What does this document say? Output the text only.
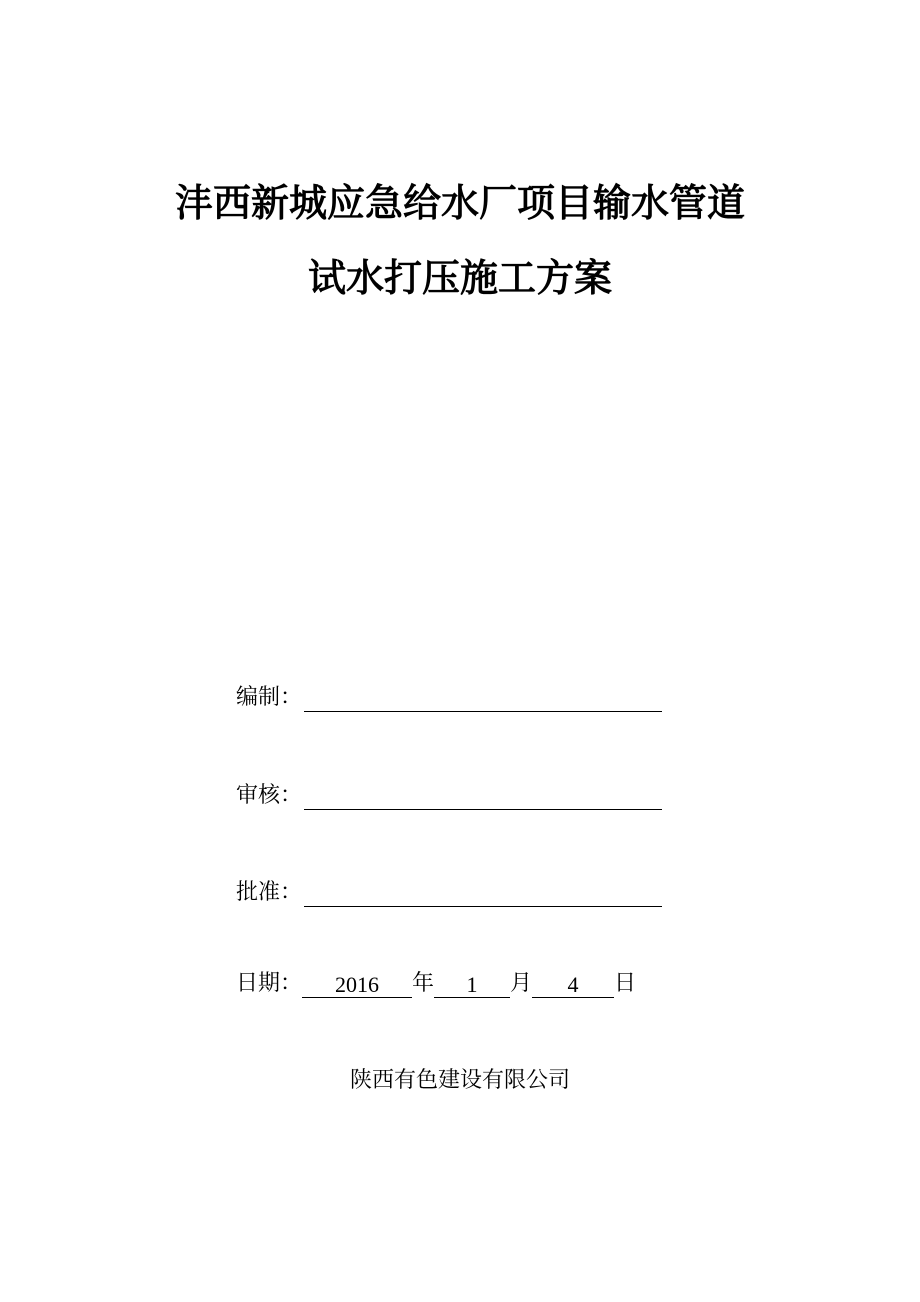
沣西新城应急给水厂项目输水管道
试水打压施工方案
编制：
审核：
批准：
日期：	2016	年	1	月	4	日
陕西有色建设有限公司
